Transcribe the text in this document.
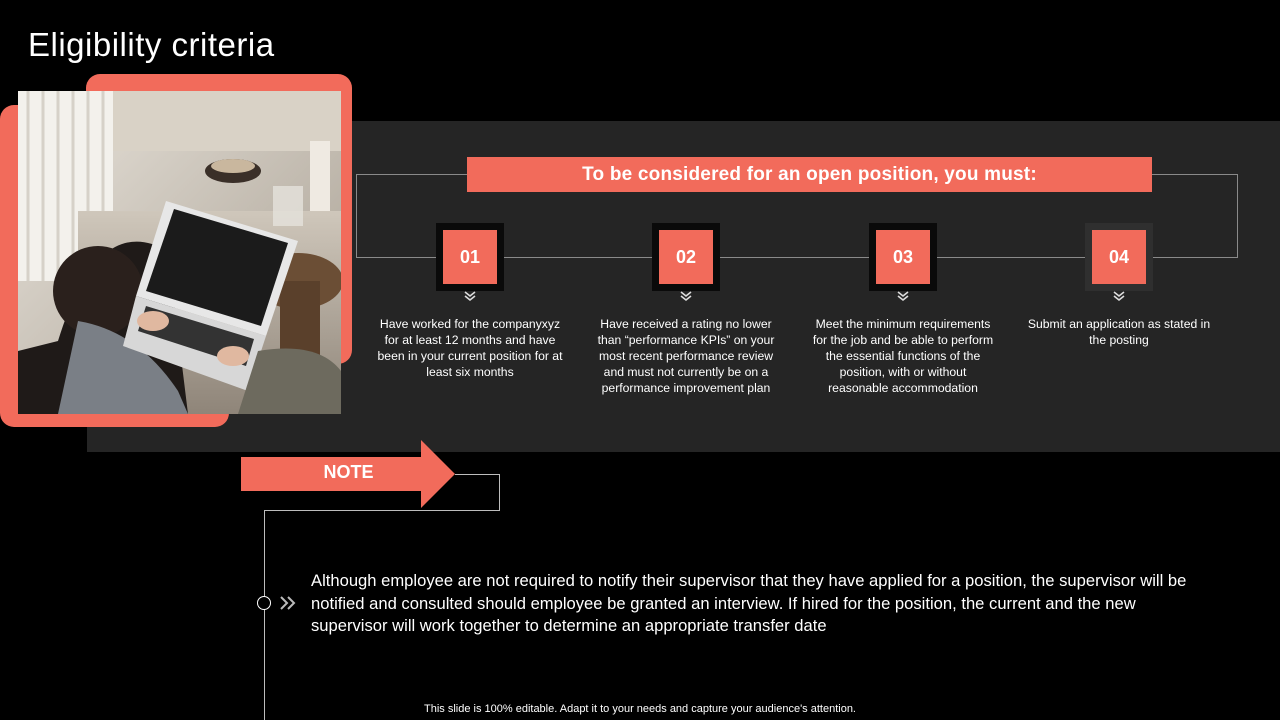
Eligibility criteria
To be considered for an open position, you must:
01
Have worked for the companyxyz for at least 12 months and have been in your current position for at least six months
02
Have received a rating no lower than “performance KPIs” on your most recent performance review and must not currently be on a performance improvement plan
03
Meet the minimum requirements for the job and be able to perform the essential functions of the position, with or without reasonable accommodation
04
Submit an application as stated in the posting
NOTE
Although employee are not required to notify their supervisor that they have applied for a position, the supervisor will be notified and consulted should employee be granted an interview. If hired for the position, the current and the new supervisor will work together to determine an appropriate transfer date
This slide is 100% editable. Adapt it to your needs and capture your audience's attention.
